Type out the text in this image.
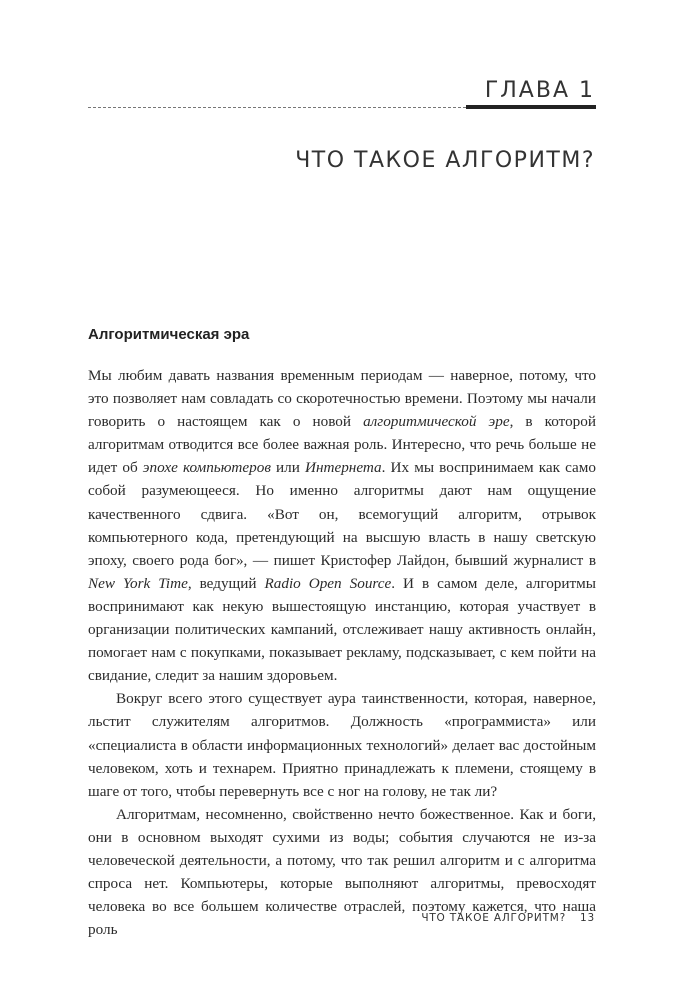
ГЛАВА 1
ЧТО ТАКОЕ АЛГОРИТМ?
Алгоритмическая эра

Мы любим давать названия временным периодам — наверное, потому, что это позволяет нам совладать со скоротечностью времени. Поэтому мы начали говорить о настоящем как о новой алгоритмической эре, в которой алгоритмам отводится все более важная роль. Интересно, что речь больше не идет об эпохе компьютеров или Интернета. Их мы воспринимаем как само собой разумеющееся. Но именно алгоритмы дают нам ощущение качественного сдвига. «Вот он, всемогущий алгоритм, отрывок компьютерного кода, претендующий на высшую власть в нашу светскую эпоху, своего рода бог», — пишет Кристофер Лайдон, бывший журналист в New York Time, ведущий Radio Open Source. И в самом деле, алгоритмы воспринимают как некую вышестоящую инстанцию, которая участвует в организации политических кампаний, отслеживает нашу активность онлайн, помогает нам с покупками, показывает рекламу, подсказывает, с кем пойти на свидание, следит за нашим здоровьем.

Вокруг всего этого существует аура таинственности, которая, наверное, льстит служителям алгоритмов. Должность «программиста» или «специалиста в области информационных технологий» делает вас достойным человеком, хоть и технарем. Приятно принадлежать к племени, стоящему в шаге от того, чтобы перевернуть все с ног на голову, не так ли?

Алгоритмам, несомненно, свойственно нечто божественное. Как и боги, они в основном выходят сухими из воды; события случаются не из-за человеческой деятельности, а потому, что так решил алгоритм и с алгоритма спроса нет. Компьютеры, которые выполняют алгоритмы, превосходят человека во все большем количестве отраслей, поэтому кажется, что наша роль

ЧТО ТАКОЕ АЛГОРИТМ? 13
